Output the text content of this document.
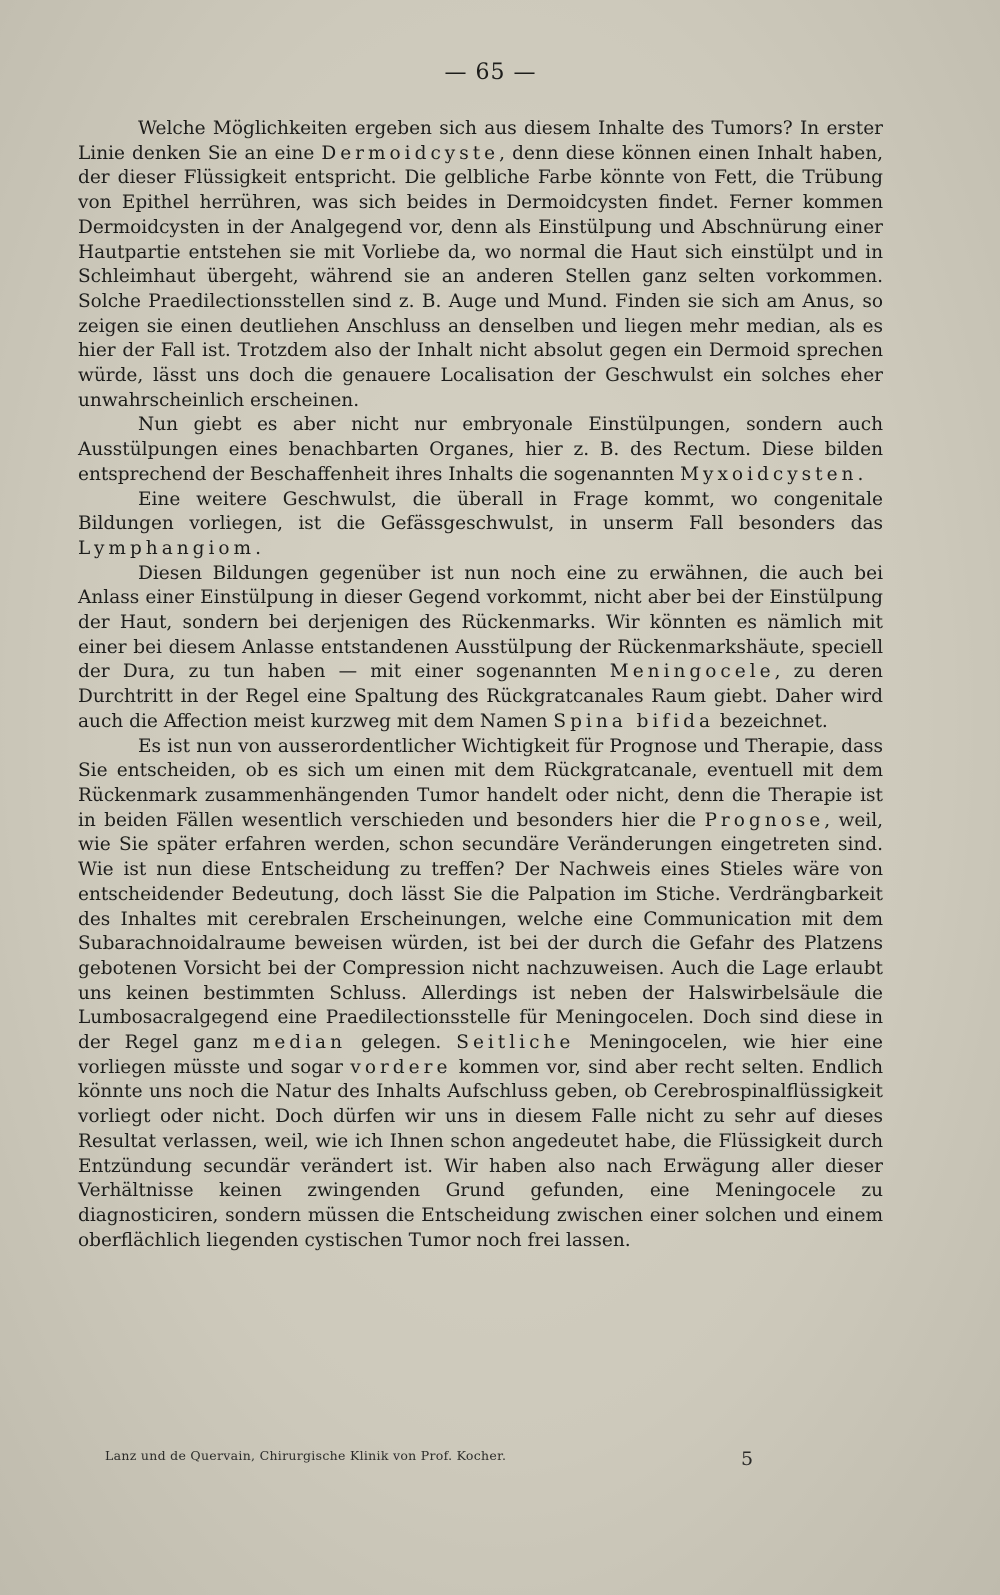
— 65 —

Welche Möglichkeiten ergeben sich aus diesem Inhalte des Tumors? In erster Linie denken Sie an eine Dermoidcyste, denn diese können einen Inhalt haben, der dieser Flüssigkeit entspricht. Die gelbliche Farbe könnte von Fett, die Trübung von Epithel herrühren, was sich beides in Dermoidcysten findet. Ferner kommen Dermoidcysten in der Analgegend vor, denn als Einstülpung und Abschnürung einer Hautpartie entstehen sie mit Vorliebe da, wo normal die Haut sich einstülpt und in Schleimhaut übergeht, während sie an anderen Stellen ganz selten vorkommen. Solche Praedilectionsstellen sind z. B. Auge und Mund. Finden sie sich am Anus, so zeigen sie einen deutliehen Anschluss an denselben und liegen mehr median, als es hier der Fall ist. Trotzdem also der Inhalt nicht absolut gegen ein Dermoid sprechen würde, lässt uns doch die genauere Localisation der Geschwulst ein solches eher unwahrscheinlich erscheinen.

Nun giebt es aber nicht nur embryonale Einstülpungen, sondern auch Ausstülpungen eines benachbarten Organes, hier z. B. des Rectum. Diese bilden entsprechend der Beschaffenheit ihres Inhalts die sogenannten Myxoidcysten.

Eine weitere Geschwulst, die überall in Frage kommt, wo congenitale Bildungen vorliegen, ist die Gefässgeschwulst, in unserm Fall besonders das Lymphangiom.

Diesen Bildungen gegenüber ist nun noch eine zu erwähnen, die auch bei Anlass einer Einstülpung in dieser Gegend vorkommt, nicht aber bei der Einstülpung der Haut, sondern bei derjenigen des Rückenmarks. Wir könnten es nämlich mit einer bei diesem Anlasse entstandenen Ausstülpung der Rückenmarkshäute, speciell der Dura, zu tun haben — mit einer sogenannten Meningocele, zu deren Durchtritt in der Regel eine Spaltung des Rückgratcanales Raum giebt. Daher wird auch die Affection meist kurzweg mit dem Namen Spina bifida bezeichnet.

Es ist nun von ausserordentlicher Wichtigkeit für Prognose und Therapie, dass Sie entscheiden, ob es sich um einen mit dem Rückgratcanale, eventuell mit dem Rückenmark zusammenhängenden Tumor handelt oder nicht, denn die Therapie ist in beiden Fällen wesentlich verschieden und besonders hier die Prognose, weil, wie Sie später erfahren werden, schon secundäre Veränderungen eingetreten sind. Wie ist nun diese Entscheidung zu treffen? Der Nachweis eines Stieles wäre von entscheidender Bedeutung, doch lässt Sie die Palpation im Stiche. Verdrängbarkeit des Inhaltes mit cerebralen Erscheinungen, welche eine Communication mit dem Subarachnoidalraume beweisen würden, ist bei der durch die Gefahr des Platzens gebotenen Vorsicht bei der Compression nicht nachzuweisen. Auch die Lage erlaubt uns keinen bestimmten Schluss. Allerdings ist neben der Halswirbelsäule die Lumbosacralgegend eine Praedilectionsstelle für Meningocelen. Doch sind diese in der Regel ganz median gelegen. Seitliche Meningocelen, wie hier eine vorliegen müsste und sogar vordere kommen vor, sind aber recht selten. Endlich könnte uns noch die Natur des Inhalts Aufschluss geben, ob Cerebrospinalflüssigkeit vorliegt oder nicht. Doch dürfen wir uns in diesem Falle nicht zu sehr auf dieses Resultat verlassen, weil, wie ich Ihnen schon angedeutet habe, die Flüssigkeit durch Entzündung secundär verändert ist. Wir haben also nach Erwägung aller dieser Verhältnisse keinen zwingenden Grund gefunden, eine Meningocele zu diagnosticiren, sondern müssen die Entscheidung zwischen einer solchen und einem oberflächlich liegenden cystischen Tumor noch frei lassen.

Lanz und de Quervain, Chirurgische Klinik von Prof. Kocher.	5
